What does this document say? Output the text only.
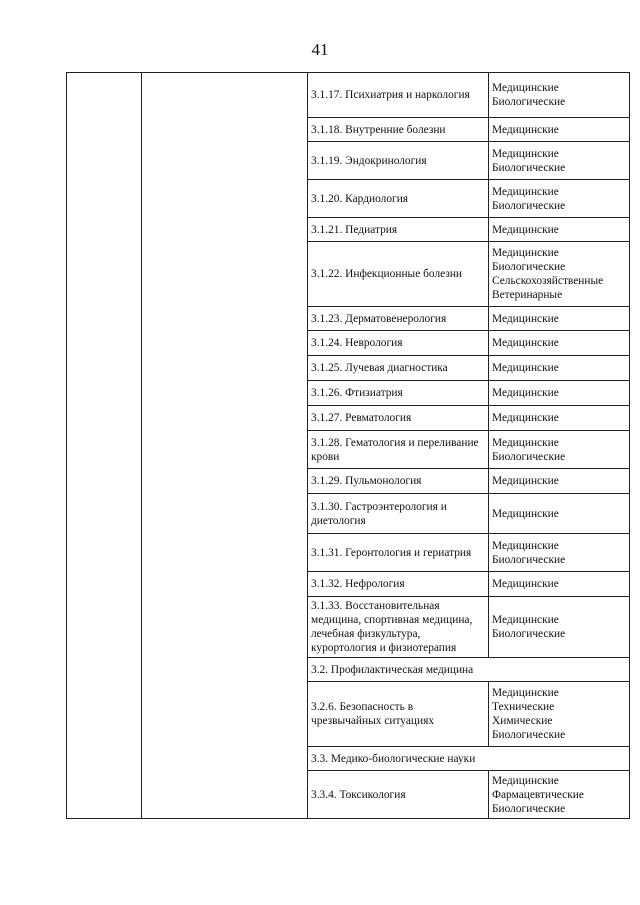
41
		3.1.17. Психиатрия и наркология	Медицинские
Биологические

		3.1.18. Внутренние болезни	Медицинские

		3.1.19. Эндокринология	Медицинские
Биологические

		3.1.20. Кардиология	Медицинские
Биологические

		3.1.21. Педиатрия	Медицинские

		3.1.22. Инфекционные болезни	Медицинские
Биологические
Сельскохозяйственные
Ветеринарные

		3.1.23. Дерматовенерология	Медицинские

		3.1.24. Неврология	Медицинские

		3.1.25. Лучевая диагностика	Медицинские

		3.1.26. Фтизиатрия	Медицинские

		3.1.27. Ревматология	Медицинские

		3.1.28. Гематология и переливание крови	Медицинские
Биологические

		3.1.29. Пульмонология	Медицинские

		3.1.30. Гастроэнтерология и диетология	Медицинские

		3.1.31. Геронтология и гериатрия	Медицинские
Биологические

		3.1.32. Нефрология	Медицинские

		3.1.33. Восстановительная медицина, спортивная медицина, лечебная физкультура, курортология и физиотерапия	Медицинские
Биологические

		3.2. Профилактическая медицина	
		3.2.6. Безопасность в чрезвычайных ситуациях	Медицинские
Технические
Химические
Биологические

		3.3. Медико-биологические науки	
		3.3.4. Токсикология	Медицинские
Фармацевтические
Биологические
